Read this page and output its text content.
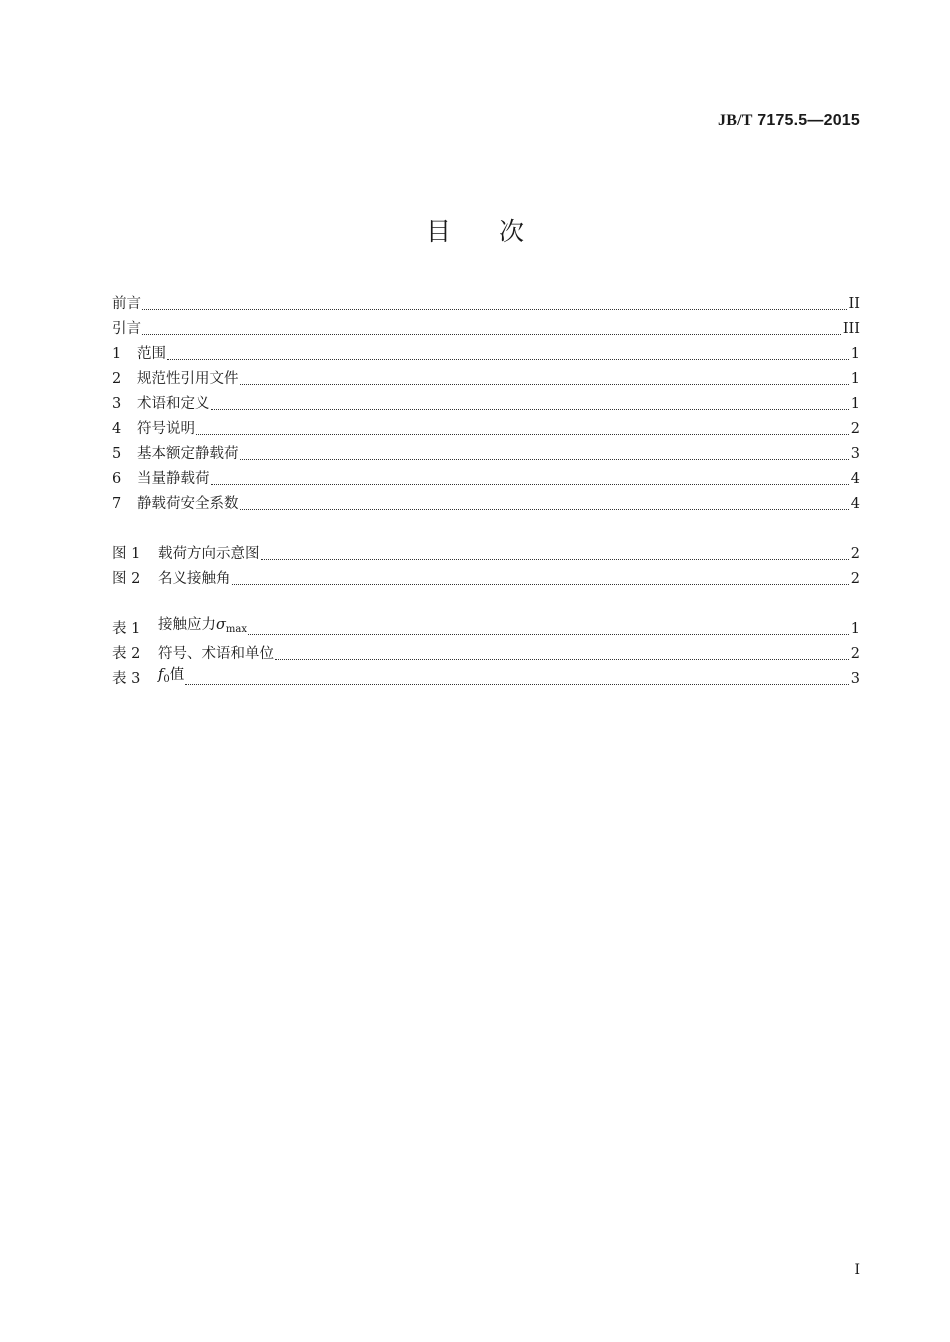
JB/T 7175.5—2015
目 次
前言	II
引言	III
1	范围	1
2	规范性引用文件	1
3	术语和定义	1
4	符号说明	2
5	基本额定静载荷	3
6	当量静载荷	4
7	静载荷安全系数	4
图 1	载荷方向示意图	2
图 2	名义接触角	2
表 1	接触应力$\sigma_{max}$	1
表 2	符号、术语和单位	2
表 3	$f_0$值	3
I
